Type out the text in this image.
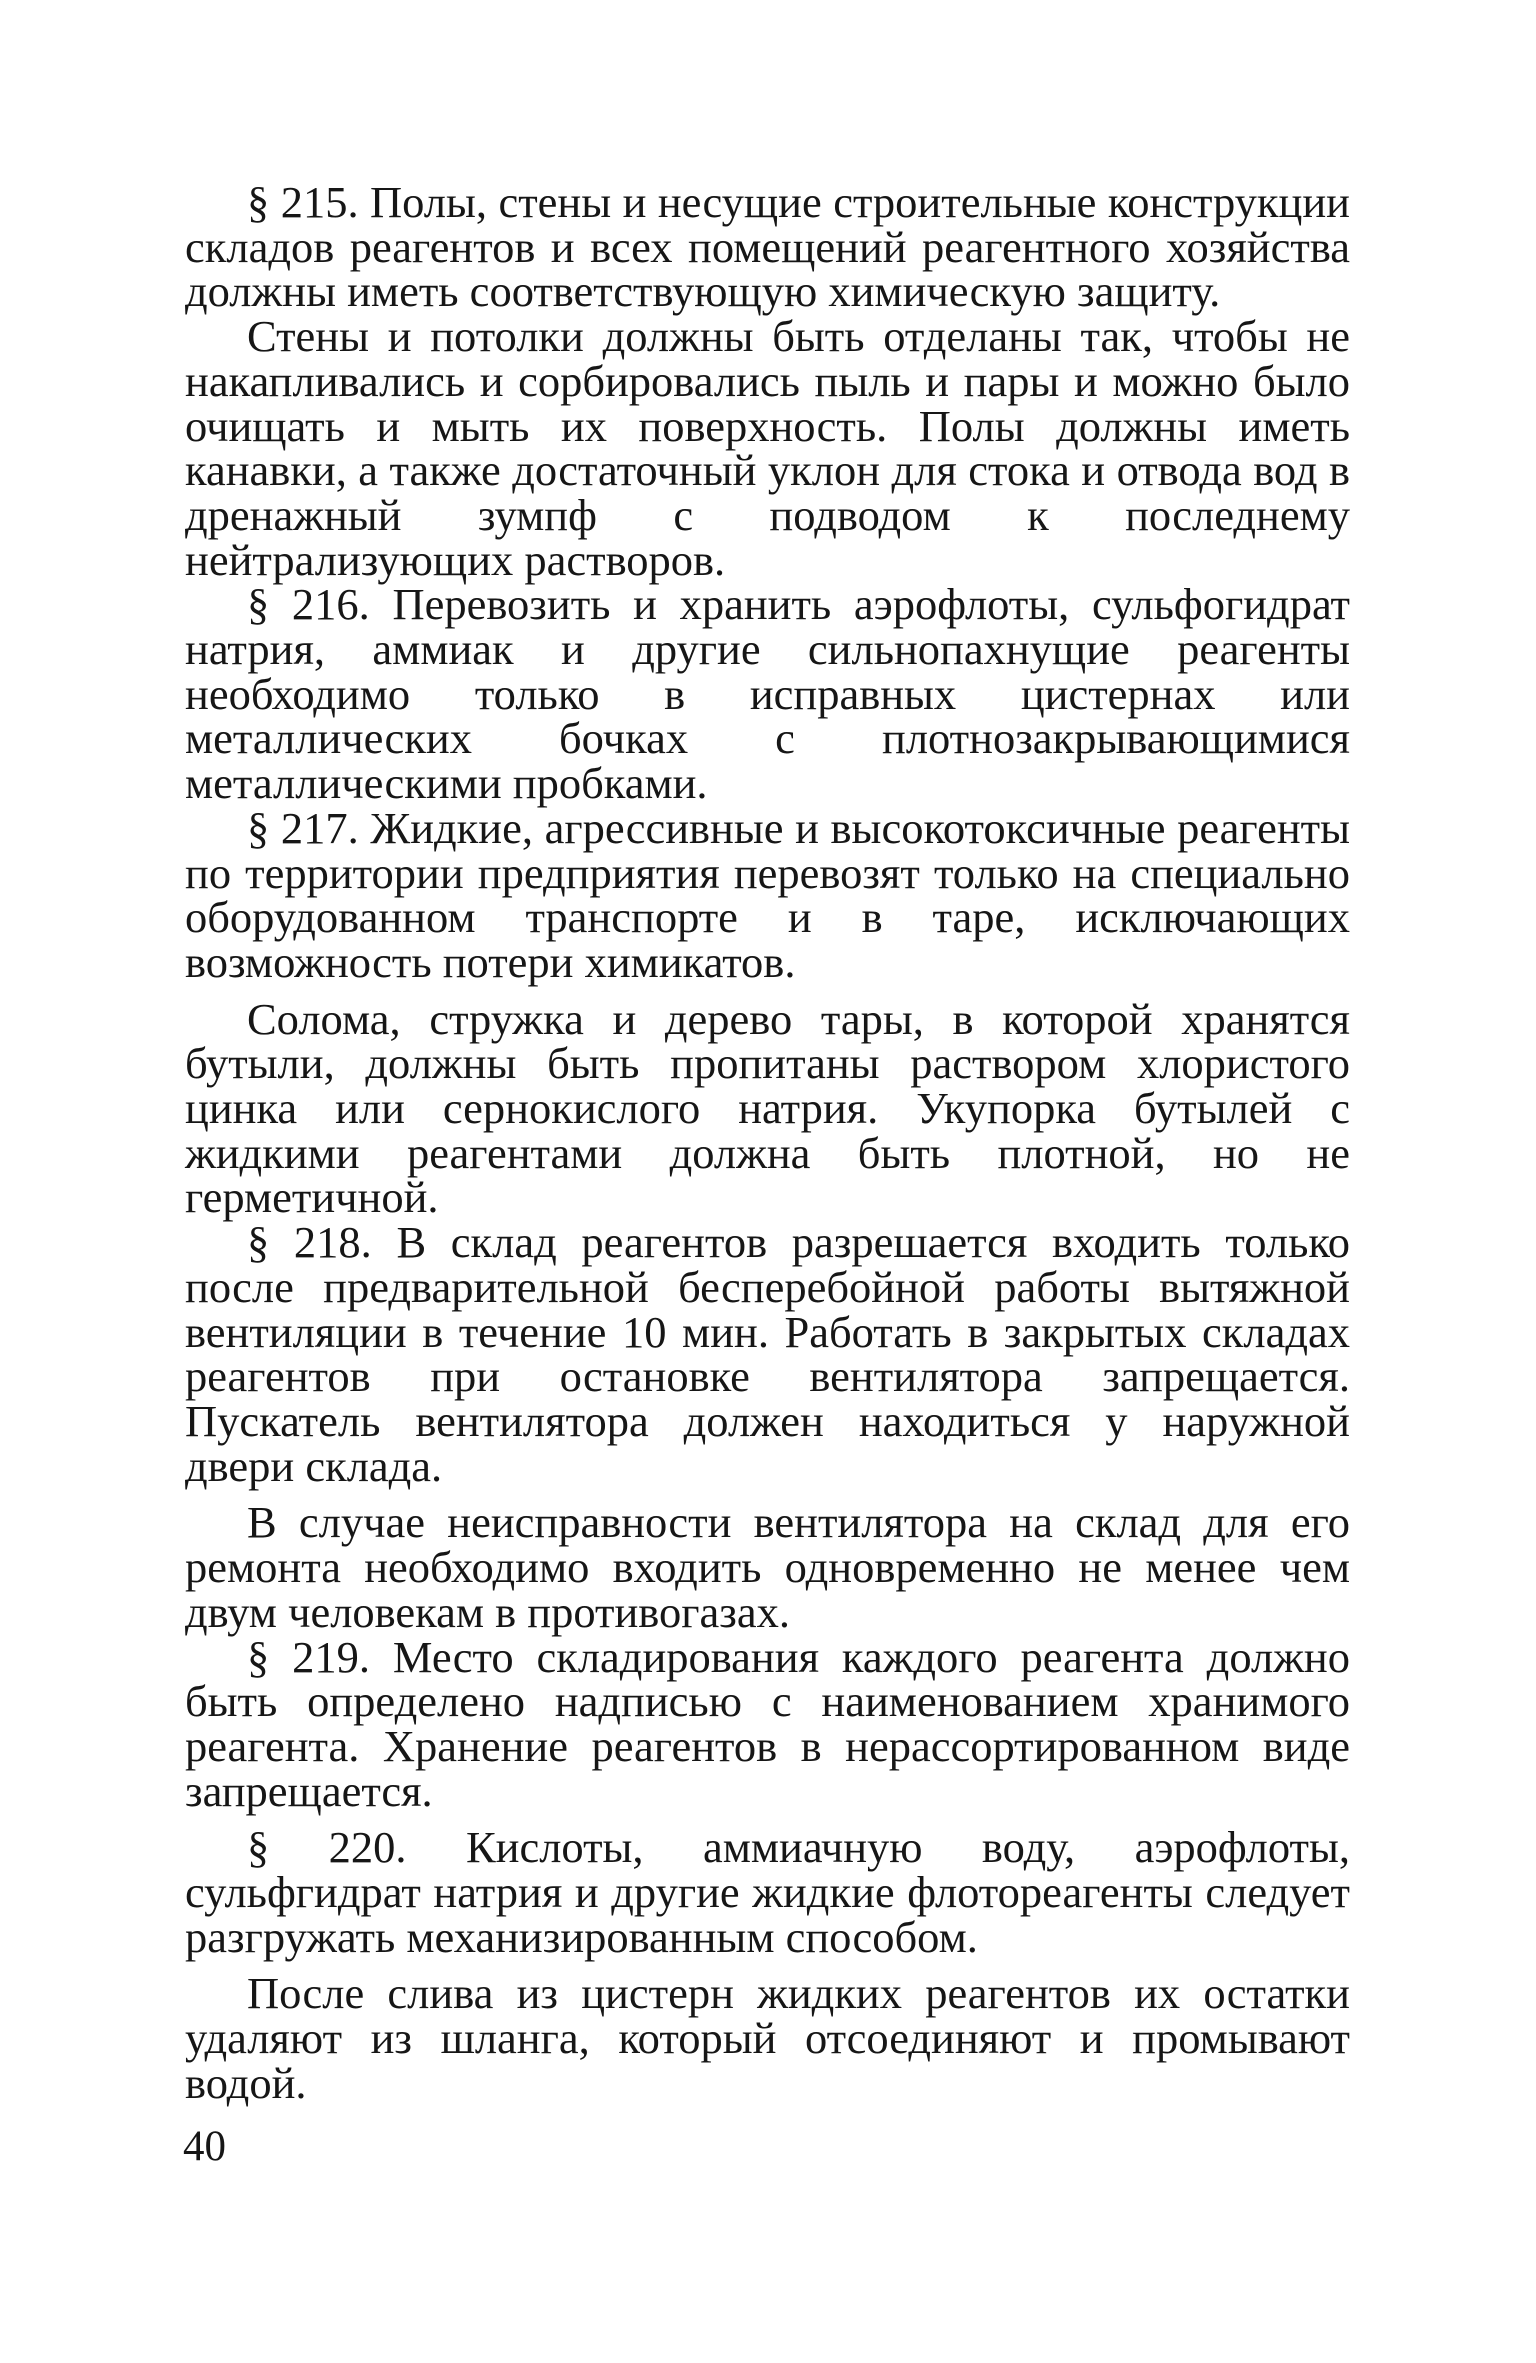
§ 215. Полы, стены и несущие строительные конструкции складов реагентов и всех помещений реагентного хозяйства должны иметь соответствующую химическую защиту.

Стены и потолки должны быть отделаны так, чтобы не накапливались и сорбировались пыль и пары и можно было очищать и мыть их поверхность. Полы должны иметь канавки, а также достаточный уклон для стока и отвода вод в дренажный зумпф с подводом к последнему нейтрализующих растворов.

§ 216. Перевозить и хранить аэрофлоты, сульфогидрат натрия, аммиак и другие сильнопахнущие реагенты необходимо только в исправных цистернах или металлических бочках с плотнозакрывающимися металлическими пробками.

§ 217. Жидкие, агрессивные и высокотоксичные реагенты по территории предприятия перевозят только на специально оборудованном транспорте и в таре, исключающих возможность потери химикатов.

Солома, стружка и дерево тары, в которой хранятся бутыли, должны быть пропитаны раствором хлористого цинка или сернокислого натрия. Укупорка бутылей с жидкими реагентами должна быть плотной, но не герметичной.

§ 218. В склад реагентов разрешается входить только после предварительной бесперебойной работы вытяжной вентиляции в течение 10 мин. Работать в закрытых складах реагентов при остановке вентилятора запрещается. Пускатель вентилятора должен находиться у наружной двери склада.

В случае неисправности вентилятора на склад для его ремонта необходимо входить одновременно не менее чем двум человекам в противогазах.

§ 219. Место складирования каждого реагента должно быть определено надписью с наименованием хранимого реагента. Хранение реагентов в нерассортированном виде запрещается.

§ 220. Кислоты, аммиачную воду, аэрофлоты, сульфгидрат натрия и другие жидкие флотореагенты следует разгружать механизированным способом.

После слива из цистерн жидких реагентов их остатки удаляют из шланга, который отсоединяют и промывают водой.

40
